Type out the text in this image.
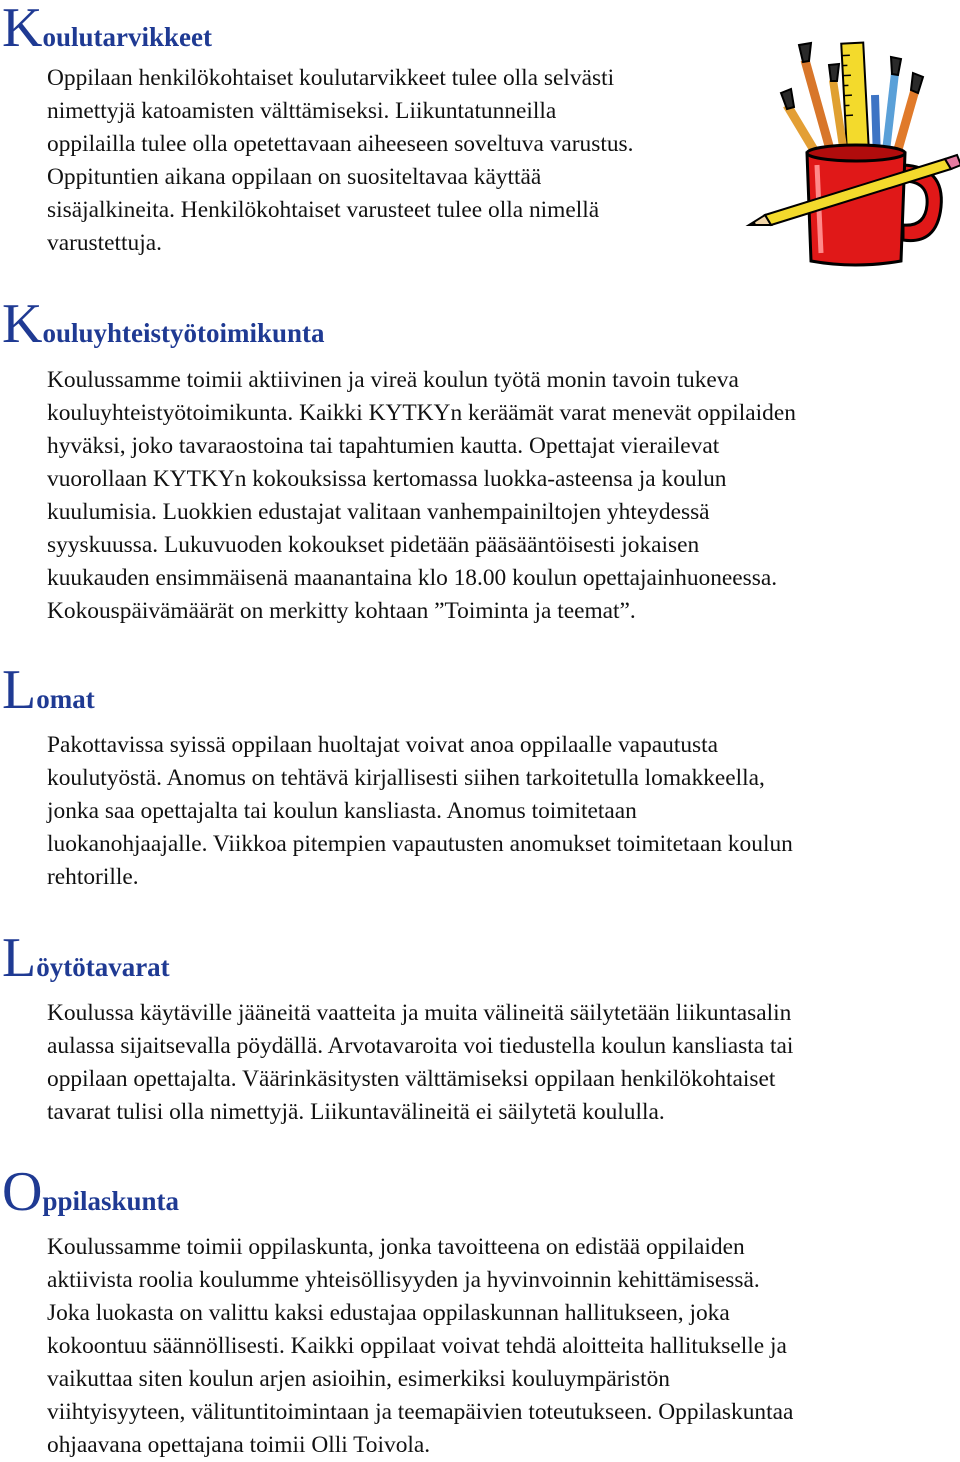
Koulutarvikkeet
Oppilaan henkilökohtaiset koulutarvikkeet tulee olla selvästi
nimettyjä katoamisten välttämiseksi. Liikuntatunneilla
oppilailla tulee olla opetettavaan aiheeseen soveltuva varustus.
Oppituntien aikana oppilaan on suositeltavaa käyttää
sisäjalkineita. Henkilökohtaiset varusteet tulee olla nimellä
varustettuja.
Kouluyhteistyötoimikunta
Koulussamme toimii aktiivinen ja vireä koulun työtä monin tavoin tukeva
kouluyhteistyötoimikunta. Kaikki KYTKYn keräämät varat menevät oppilaiden
hyväksi, joko tavaraostoina tai tapahtumien kautta. Opettajat vierailevat
vuorollaan KYTKYn kokouksissa kertomassa luokka-asteensa ja koulun
kuulumisia. Luokkien edustajat valitaan vanhempainiltojen yhteydessä
syyskuussa. Lukuvuoden kokoukset pidetään pääsääntöisesti jokaisen
kuukauden ensimmäisenä maanantaina klo 18.00 koulun opettajainhuoneessa.
Kokouspäivämäärät on merkitty kohtaan ”Toiminta ja teemat”.
Lomat
Pakottavissa syissä oppilaan huoltajat voivat anoa oppilaalle vapautusta
koulutyöstä. Anomus on tehtävä kirjallisesti siihen tarkoitetulla lomakkeella,
jonka saa opettajalta tai koulun kansliasta. Anomus toimitetaan
luokanohjaajalle. Viikkoa pitempien vapautusten anomukset toimitetaan koulun
rehtorille.
Löytötavarat
Koulussa käytäville jääneitä vaatteita ja muita välineitä säilytetään liikuntasalin
aulassa sijaitsevalla pöydällä. Arvotavaroita voi tiedustella koulun kansliasta tai
oppilaan opettajalta. Väärinkäsitysten välttämiseksi oppilaan henkilökohtaiset
tavarat tulisi olla nimettyjä. Liikuntavälineitä ei säilytetä koululla.
Oppilaskunta
Koulussamme toimii oppilaskunta, jonka tavoitteena on edistää oppilaiden
aktiivista roolia koulumme yhteisöllisyyden ja hyvinvoinnin kehittämisessä.
Joka luokasta on valittu kaksi edustajaa oppilaskunnan hallitukseen, joka
kokoontuu säännöllisesti. Kaikki oppilaat voivat tehdä aloitteita hallitukselle ja
vaikuttaa siten koulun arjen asioihin, esimerkiksi kouluympäristön
viihtyisyyteen, välituntitoimintaan ja teemapäivien toteutukseen. Oppilaskuntaa
ohjaavana opettajana toimii Olli Toivola.
